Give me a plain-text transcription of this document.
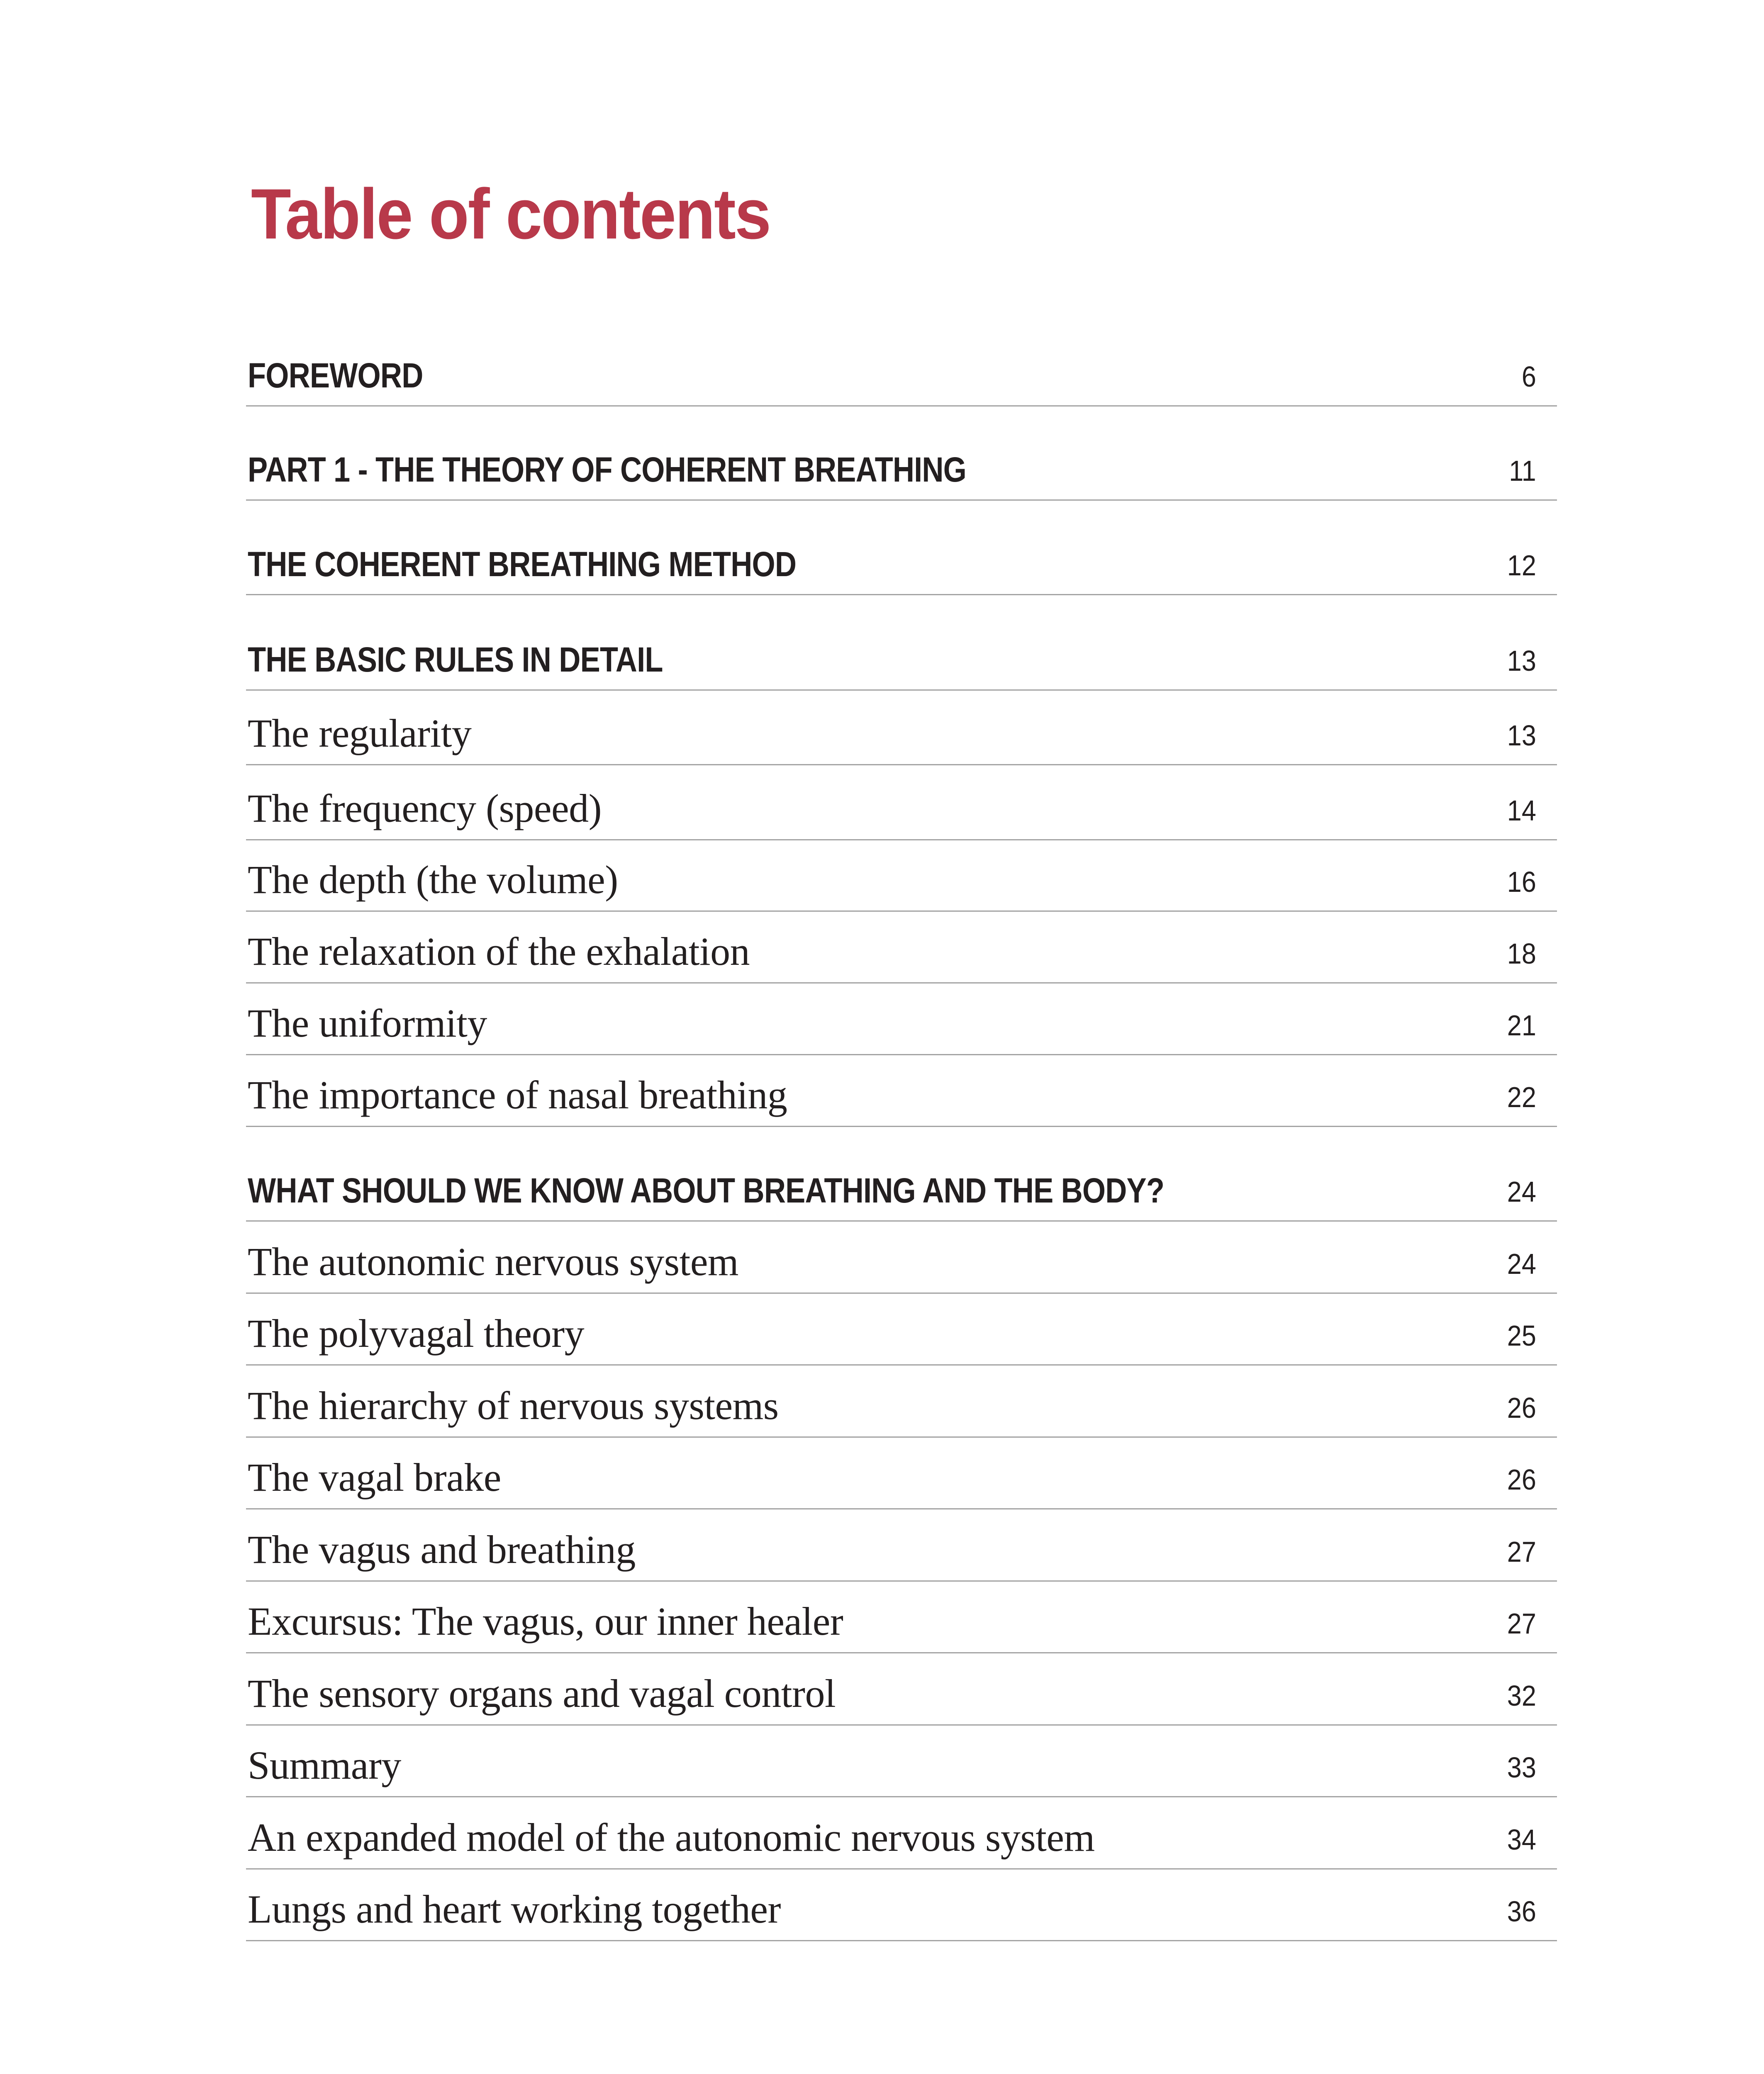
Table of contents
FOREWORD	6
PART 1 - THE THEORY OF COHERENT BREATHING	11
THE COHERENT BREATHING METHOD	12
THE BASIC RULES IN DETAIL	13
The regularity	13
The frequency (speed)	14
The depth (the volume)	16
The relaxation of the exhalation	18
The uniformity	21
The importance of nasal breathing	22
WHAT SHOULD WE KNOW ABOUT BREATHING AND THE BODY?	24
The autonomic nervous system	24
The polyvagal theory	25
The hierarchy of nervous systems	26
The vagal brake	26
The vagus and breathing	27
Excursus: The vagus, our inner healer	27
The sensory organs and vagal control	32
Summary	33
An expanded model of the autonomic nervous system	34
Lungs and heart working together	36
